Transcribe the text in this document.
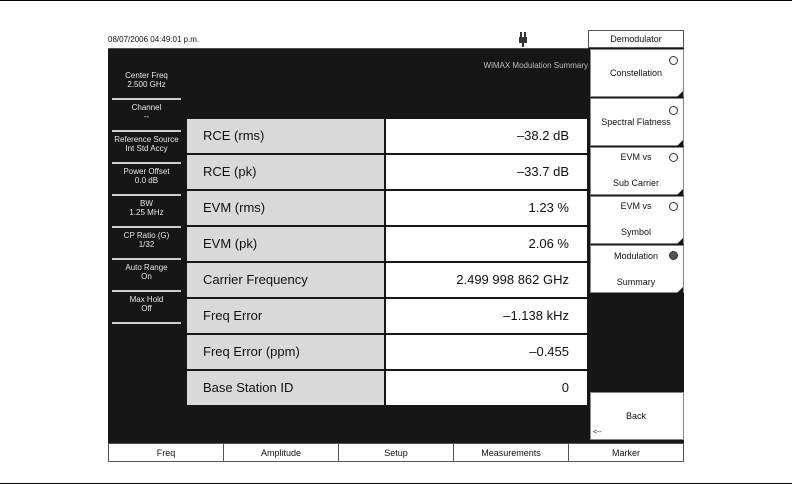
08/07/2006 04:49:01 p.m.
WiMAX Modulation Summary
Center Freq
2.500 GHz
Channel
--
Reference Source
Int Std Accy
Power Offset
0.0 dB
BW
1.25 MHz
CP Ratio (G)
1/32
Auto Range
On
Max Hold
Off
RCE (rms)	–38.2 dB
RCE (pk)	–33.7 dB
EVM (rms)	1.23 %
EVM (pk)	2.06 %
Carrier Frequency	2.499 998 862 GHz
Freq Error	–1.138 kHz
Freq Error (ppm)	–0.455
Base Station ID	0
Demodulator
Constellation
Spectral Flatness
EVM vs
Sub Carrier
EVM vs
Symbol
Modulation
Summary
Back
<--
Freq	Amplitude	Setup	Measurements	Marker
